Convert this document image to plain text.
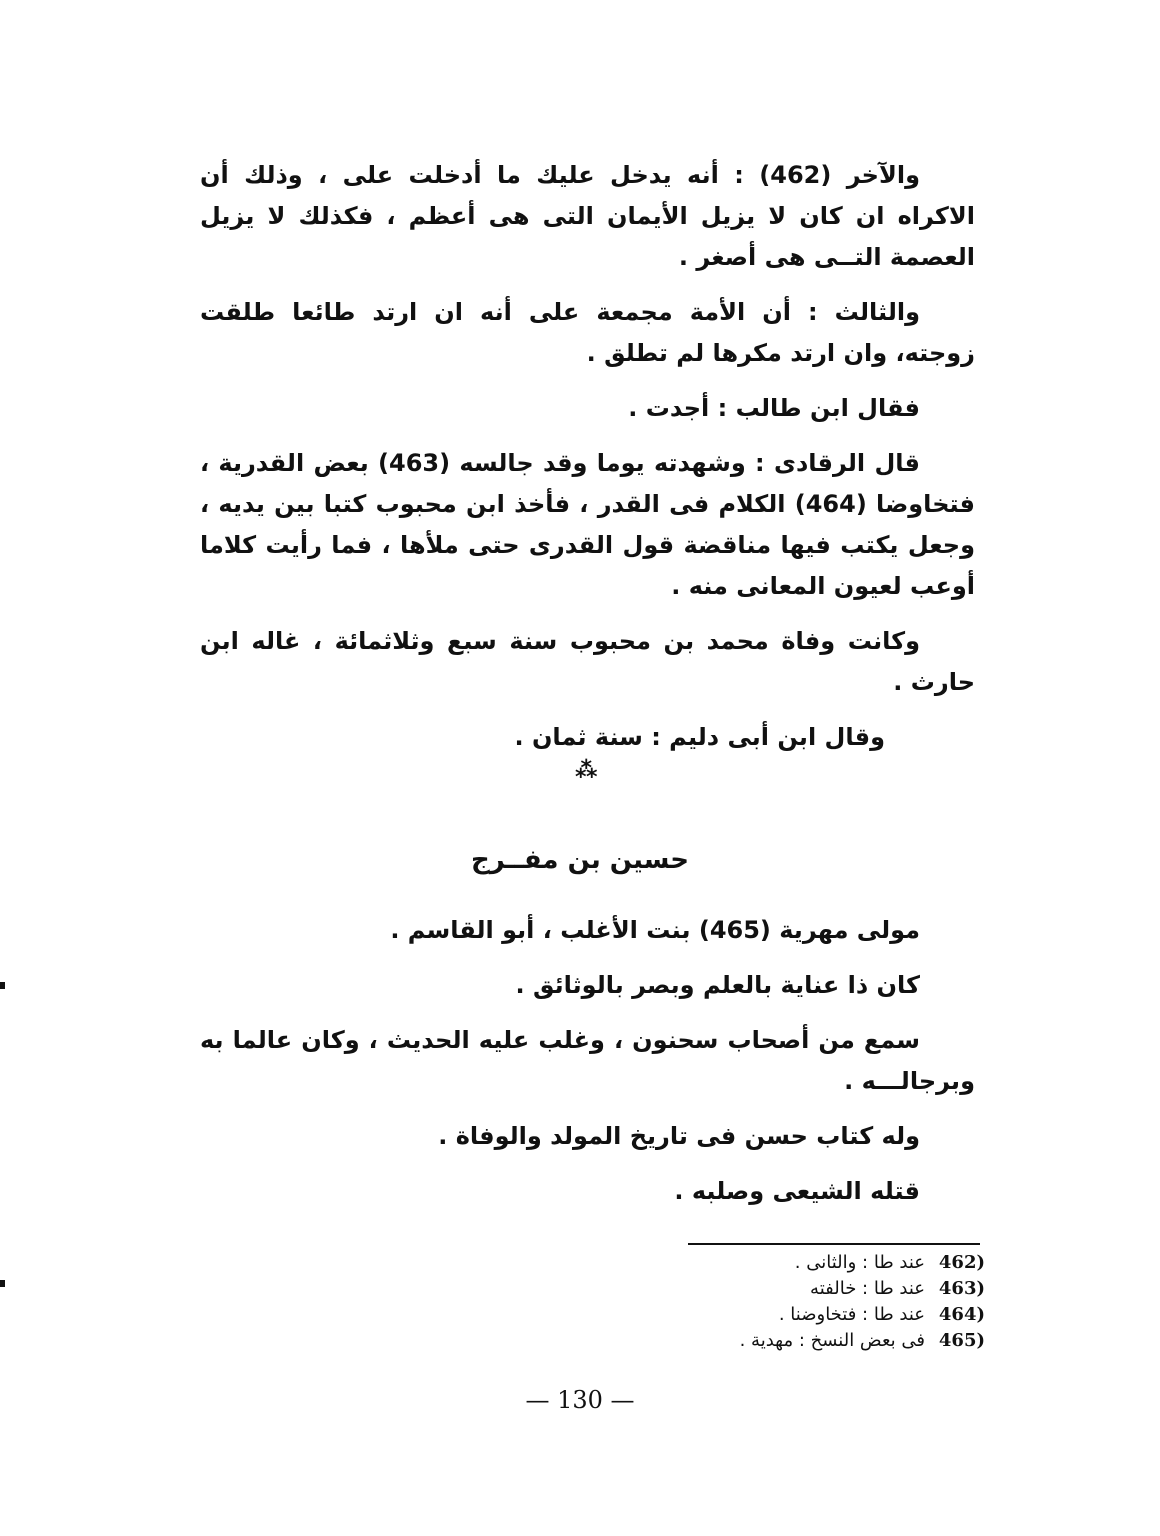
والآخر (462) : أنه يدخل عليك ما أدخلت على ، وذلك أن الاكراه ان كان لا يزيل الأيمان التى هى أعظم ، فكذلك لا يزيل العصمة التــى هى أصغر .

والثالث : أن الأمة مجمعة على أنه ان ارتد طائعا طلقت زوجته، وان ارتد مكرها لم تطلق .

فقال ابن طالب : أجدت .

قال الرقادى : وشهدته يوما وقد جالسه (463) بعض القدرية ، فتخاوضا (464) الكلام فى القدر ، فأخذ ابن محبوب كتبا بين يديه ، وجعل يكتب فيها مناقضة قول القدرى حتى ملأها ، فما رأيت كلاما أوعب لعيون المعانى منه .

وكانت وفاة محمد بن محبوب سنة سبع وثلاثمائة ، غاله ابن حارث .

وقال ابن أبى دليم : سنة ثمان .

⁂
حسين بن مفــرج

مولى مهرية (465) بنت الأغلب ، أبو القاسم .

كان ذا عناية بالعلم وبصر بالوثائق .

سمع من أصحاب سحنون ، وغلب عليه الحديث ، وكان عالما به وبرجالـــه .

وله كتاب حسن فى تاريخ المولد والوفاة .

قتله الشيعى وصلبه .

462)
عند طا : والثانى .
463)
عند طا : خالفته
464)
عند طا : فتخاوضنا .
465)
فى بعض النسخ : مهدية .
— 130 —
